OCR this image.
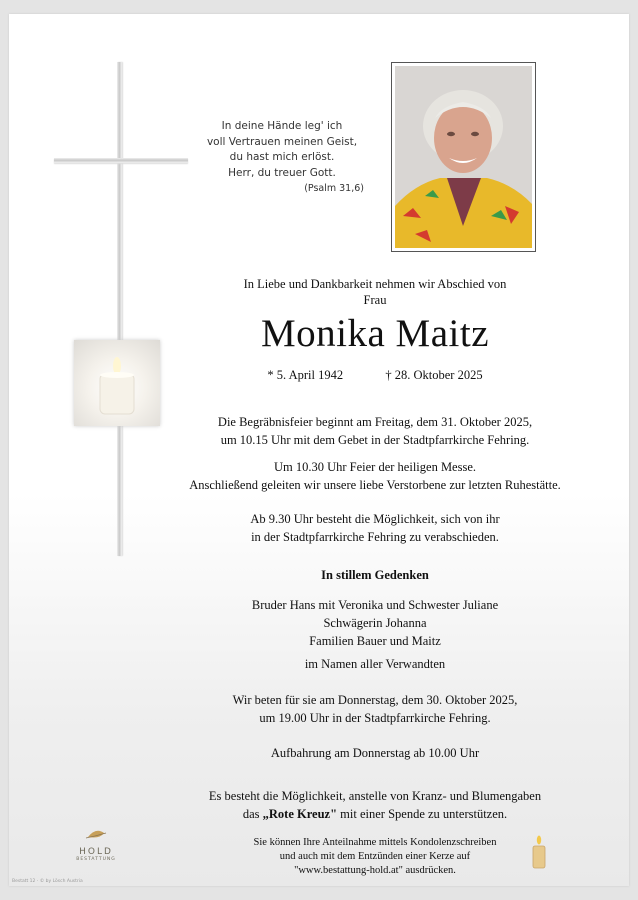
In deine Hände leg' ich
voll Vertrauen meinen Geist,
du hast mich erlöst.
Herr, du treuer Gott.
(Psalm 31,6)
In Liebe und Dankbarkeit nehmen wir Abschied von
Frau
Monika Maitz
* 5. April 1942	† 28. Oktober 2025
Die Begräbnisfeier beginnt am Freitag, dem 31. Oktober 2025,
um 10.15 Uhr mit dem Gebet in der Stadtpfarrkirche Fehring.
Um 10.30 Uhr Feier der heiligen Messe.
Anschließend geleiten wir unsere liebe Verstorbene zur letzten Ruhestätte.
Ab 9.30 Uhr besteht die Möglichkeit, sich von ihr
in der Stadtpfarrkirche Fehring zu verabschieden.
In stillem Gedenken
Bruder Hans mit Veronika und Schwester Juliane
Schwägerin Johanna
Familien Bauer und Maitz
im Namen aller Verwandten
Wir beten für sie am Donnerstag, dem 30. Oktober 2025,
um 19.00 Uhr in der Stadtpfarrkirche Fehring.
Aufbahrung am Donnerstag ab 10.00 Uhr
Es besteht die Möglichkeit, anstelle von Kranz- und Blumengaben
das „Rote Kreuz" mit einer Spende zu unterstützen.
Sie können Ihre Anteilnahme mittels Kondolenzschreiben
und auch mit dem Entzünden einer Kerze auf
"www.bestattung-hold.at" ausdrücken.
HOLD
BESTATTUNG
Bestatt 12 · © by Lösch Austria
